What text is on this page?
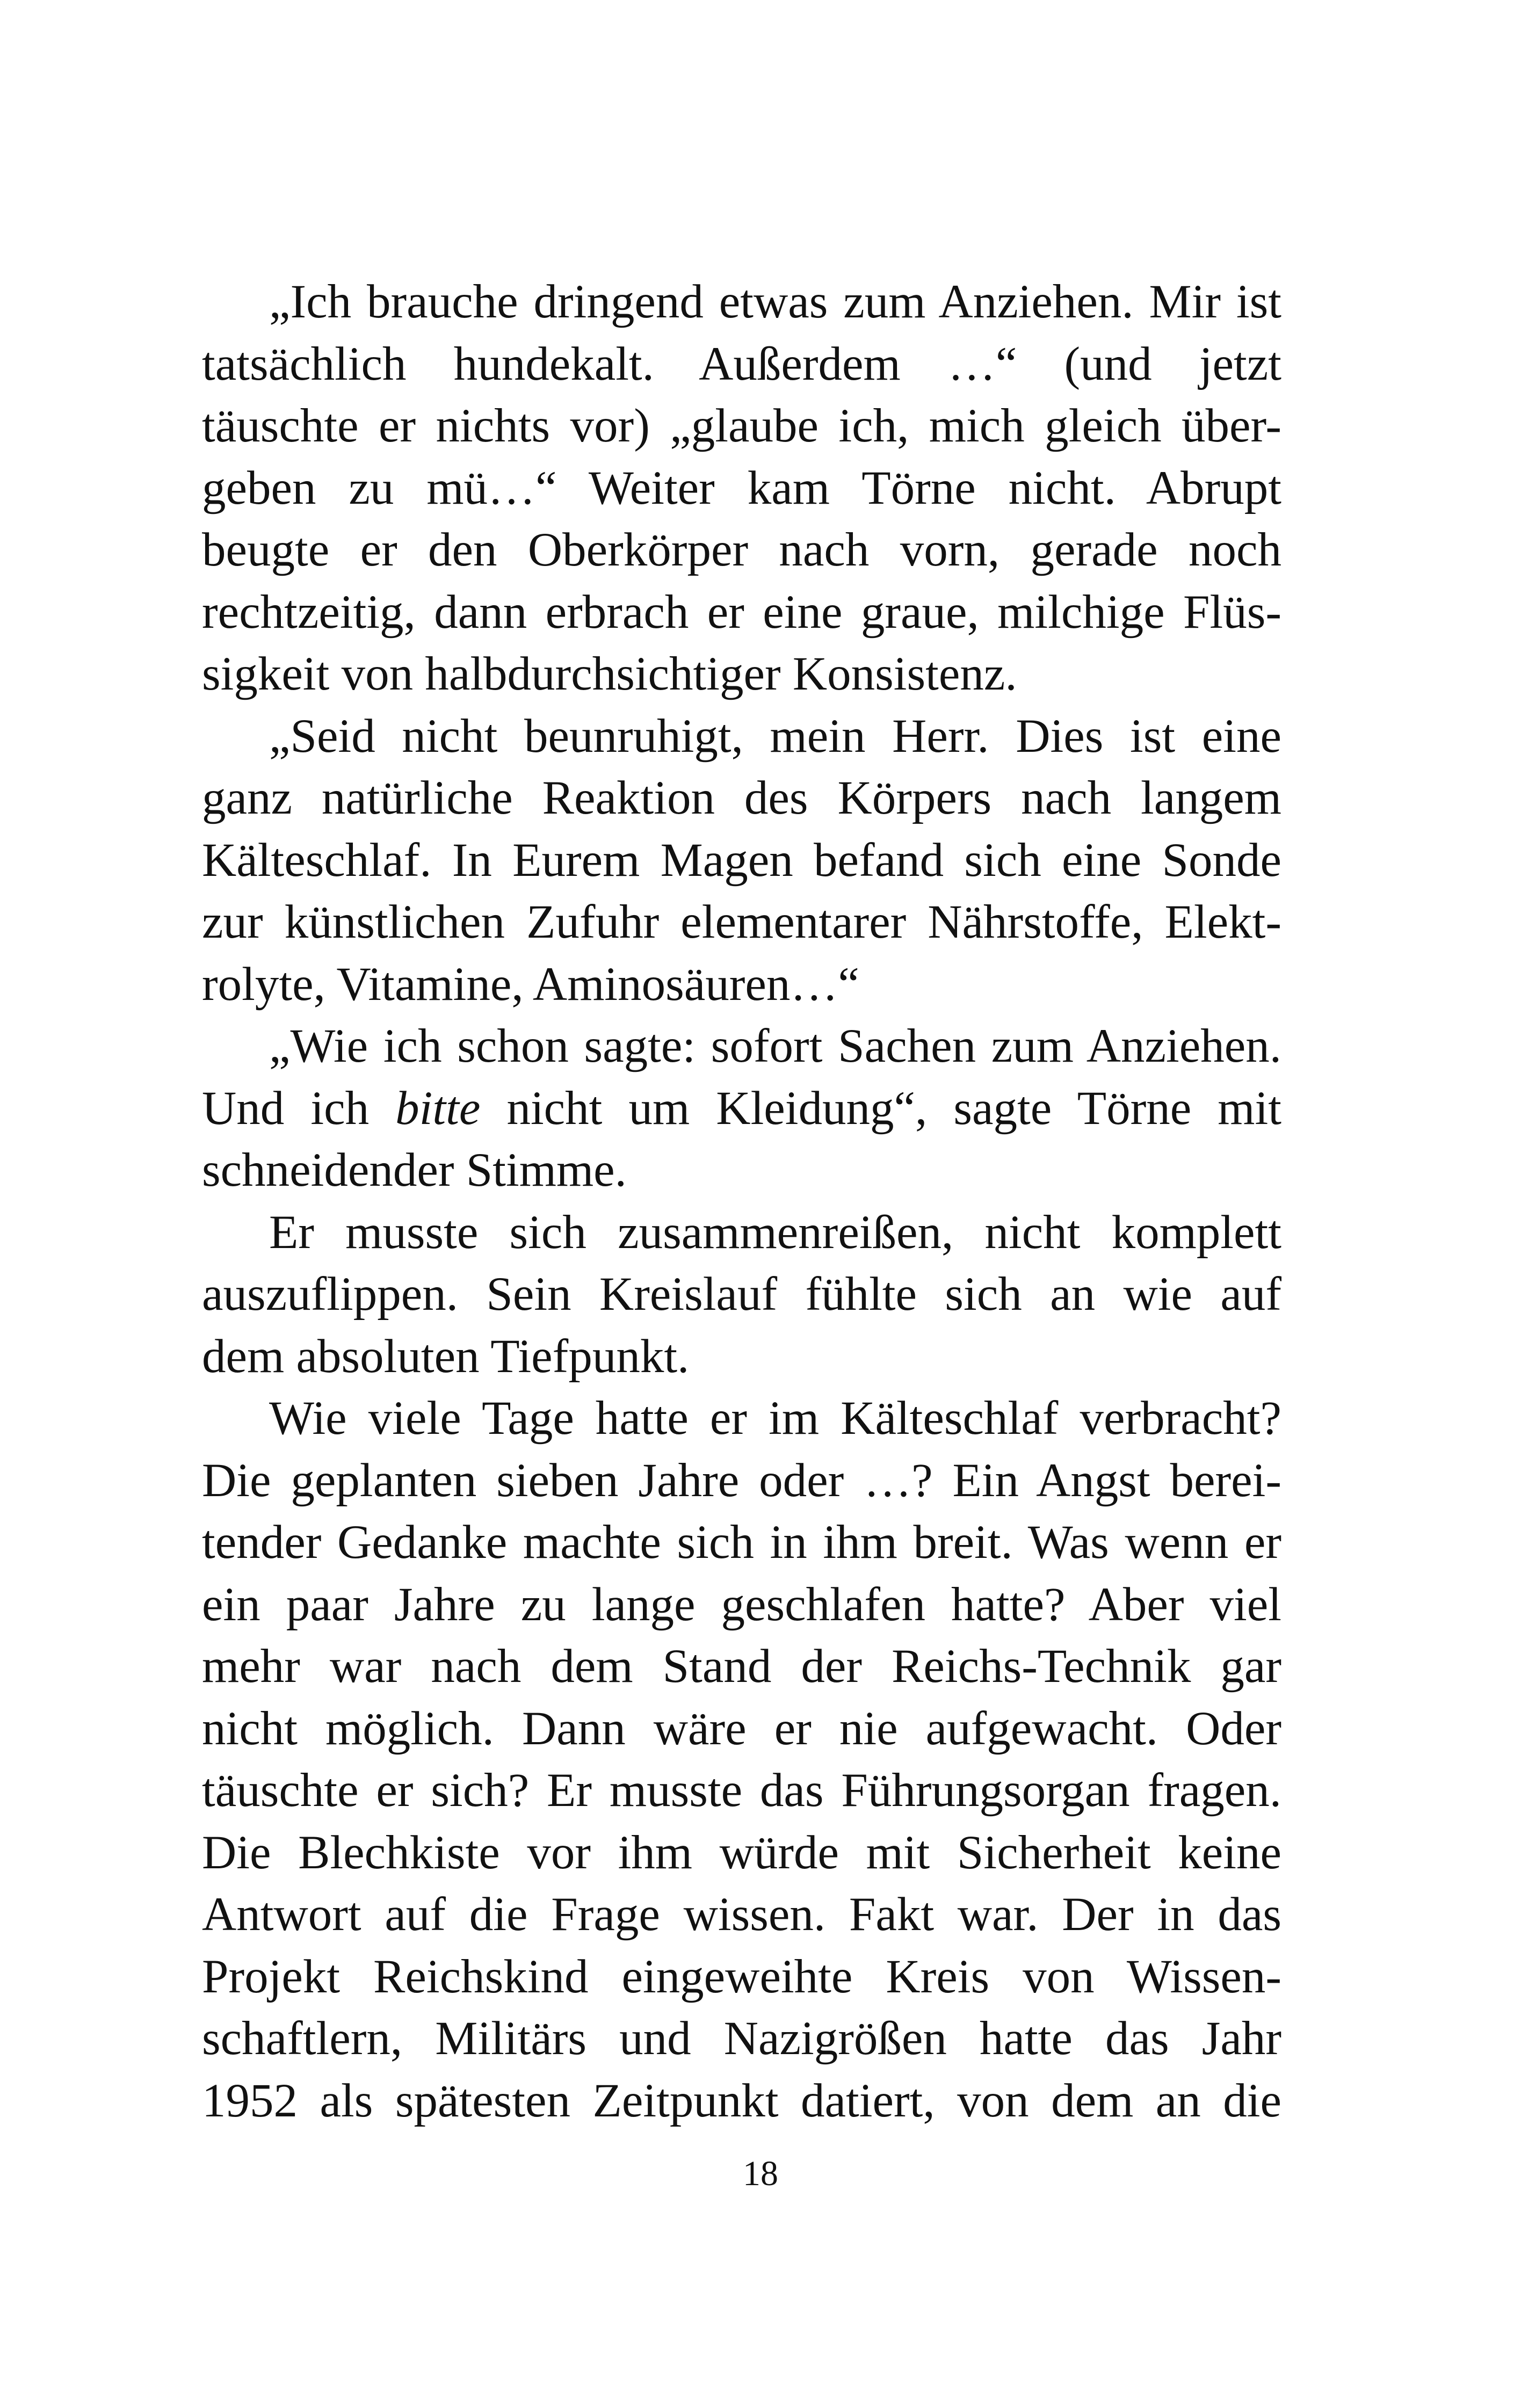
„Ich brauche dringend etwas zum Anziehen. Mir ist
tatsächlich hundekalt. Außerdem …“ (und jetzt
täuschte er nichts vor) „glaube ich, mich gleich über-
geben zu mü…“ Weiter kam Törne nicht. Abrupt
beugte er den Oberkörper nach vorn, gerade noch
rechtzeitig, dann erbrach er eine graue, milchige Flüs-
sigkeit von halbdurchsichtiger Konsistenz.
„Seid nicht beunruhigt, mein Herr. Dies ist eine
ganz natürliche Reaktion des Körpers nach langem
Kälteschlaf. In Eurem Magen befand sich eine Sonde
zur künstlichen Zufuhr elementarer Nährstoffe, Elekt-
rolyte, Vitamine, Aminosäuren…“
„Wie ich schon sagte: sofort Sachen zum Anziehen.
Und ich bitte nicht um Kleidung“, sagte Törne mit
schneidender Stimme.
Er musste sich zusammenreißen, nicht komplett
auszuflippen. Sein Kreislauf fühlte sich an wie auf
dem absoluten Tiefpunkt.
Wie viele Tage hatte er im Kälteschlaf verbracht?
Die geplanten sieben Jahre oder …? Ein Angst berei-
tender Gedanke machte sich in ihm breit. Was wenn er
ein paar Jahre zu lange geschlafen hatte? Aber viel
mehr war nach dem Stand der Reichs-Technik gar
nicht möglich. Dann wäre er nie aufgewacht. Oder
täuschte er sich? Er musste das Führungsorgan fragen.
Die Blechkiste vor ihm würde mit Sicherheit keine
Antwort auf die Frage wissen. Fakt war. Der in das
Projekt Reichskind eingeweihte Kreis von Wissen-
schaftlern, Militärs und Nazigrößen hatte das Jahr
1952 als spätesten Zeitpunkt datiert, von dem an die
18
